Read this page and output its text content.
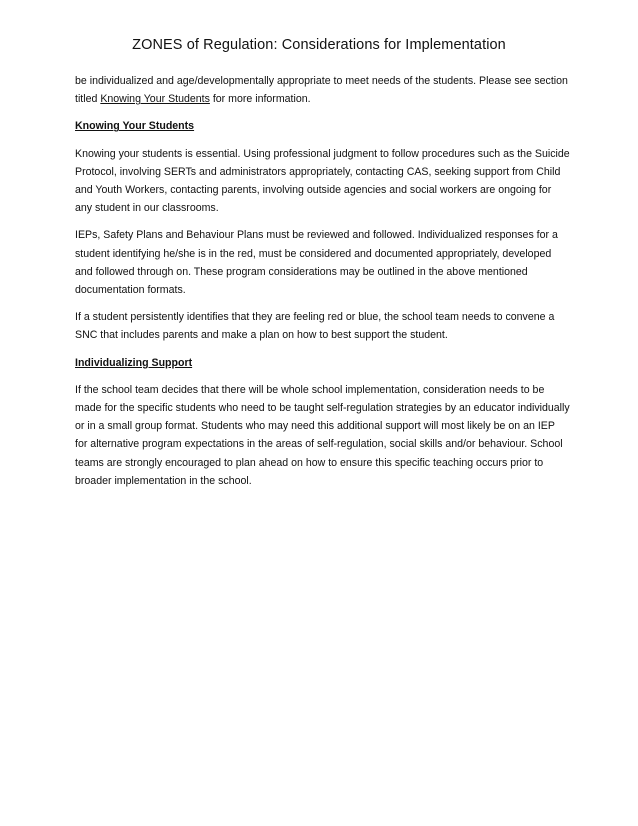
ZONES of Regulation: Considerations for Implementation

be individualized and age/developmentally appropriate to meet needs of the students. Please see section titled Knowing Your Students for more information.

Knowing Your Students

Knowing your students is essential. Using professional judgment to follow procedures such as the Suicide Protocol, involving SERTs and administrators appropriately, contacting CAS, seeking support from Child and Youth Workers, contacting parents, involving outside agencies and social workers are ongoing for any student in our classrooms.

IEPs, Safety Plans and Behaviour Plans must be reviewed and followed. Individualized responses for a student identifying he/she is in the red, must be considered and documented appropriately, developed and followed through on. These program considerations may be outlined in the above mentioned documentation formats.

If a student persistently identifies that they are feeling red or blue, the school team needs to convene a SNC that includes parents and make a plan on how to best support the student.

Individualizing Support

If the school team decides that there will be whole school implementation, consideration needs to be made for the specific students who need to be taught self-regulation strategies by an educator individually or in a small group format. Students who may need this additional support will most likely be on an IEP for alternative program expectations in the areas of self-regulation, social skills and/or behaviour. School teams are strongly encouraged to plan ahead on how to ensure this specific teaching occurs prior to broader implementation in the school.
